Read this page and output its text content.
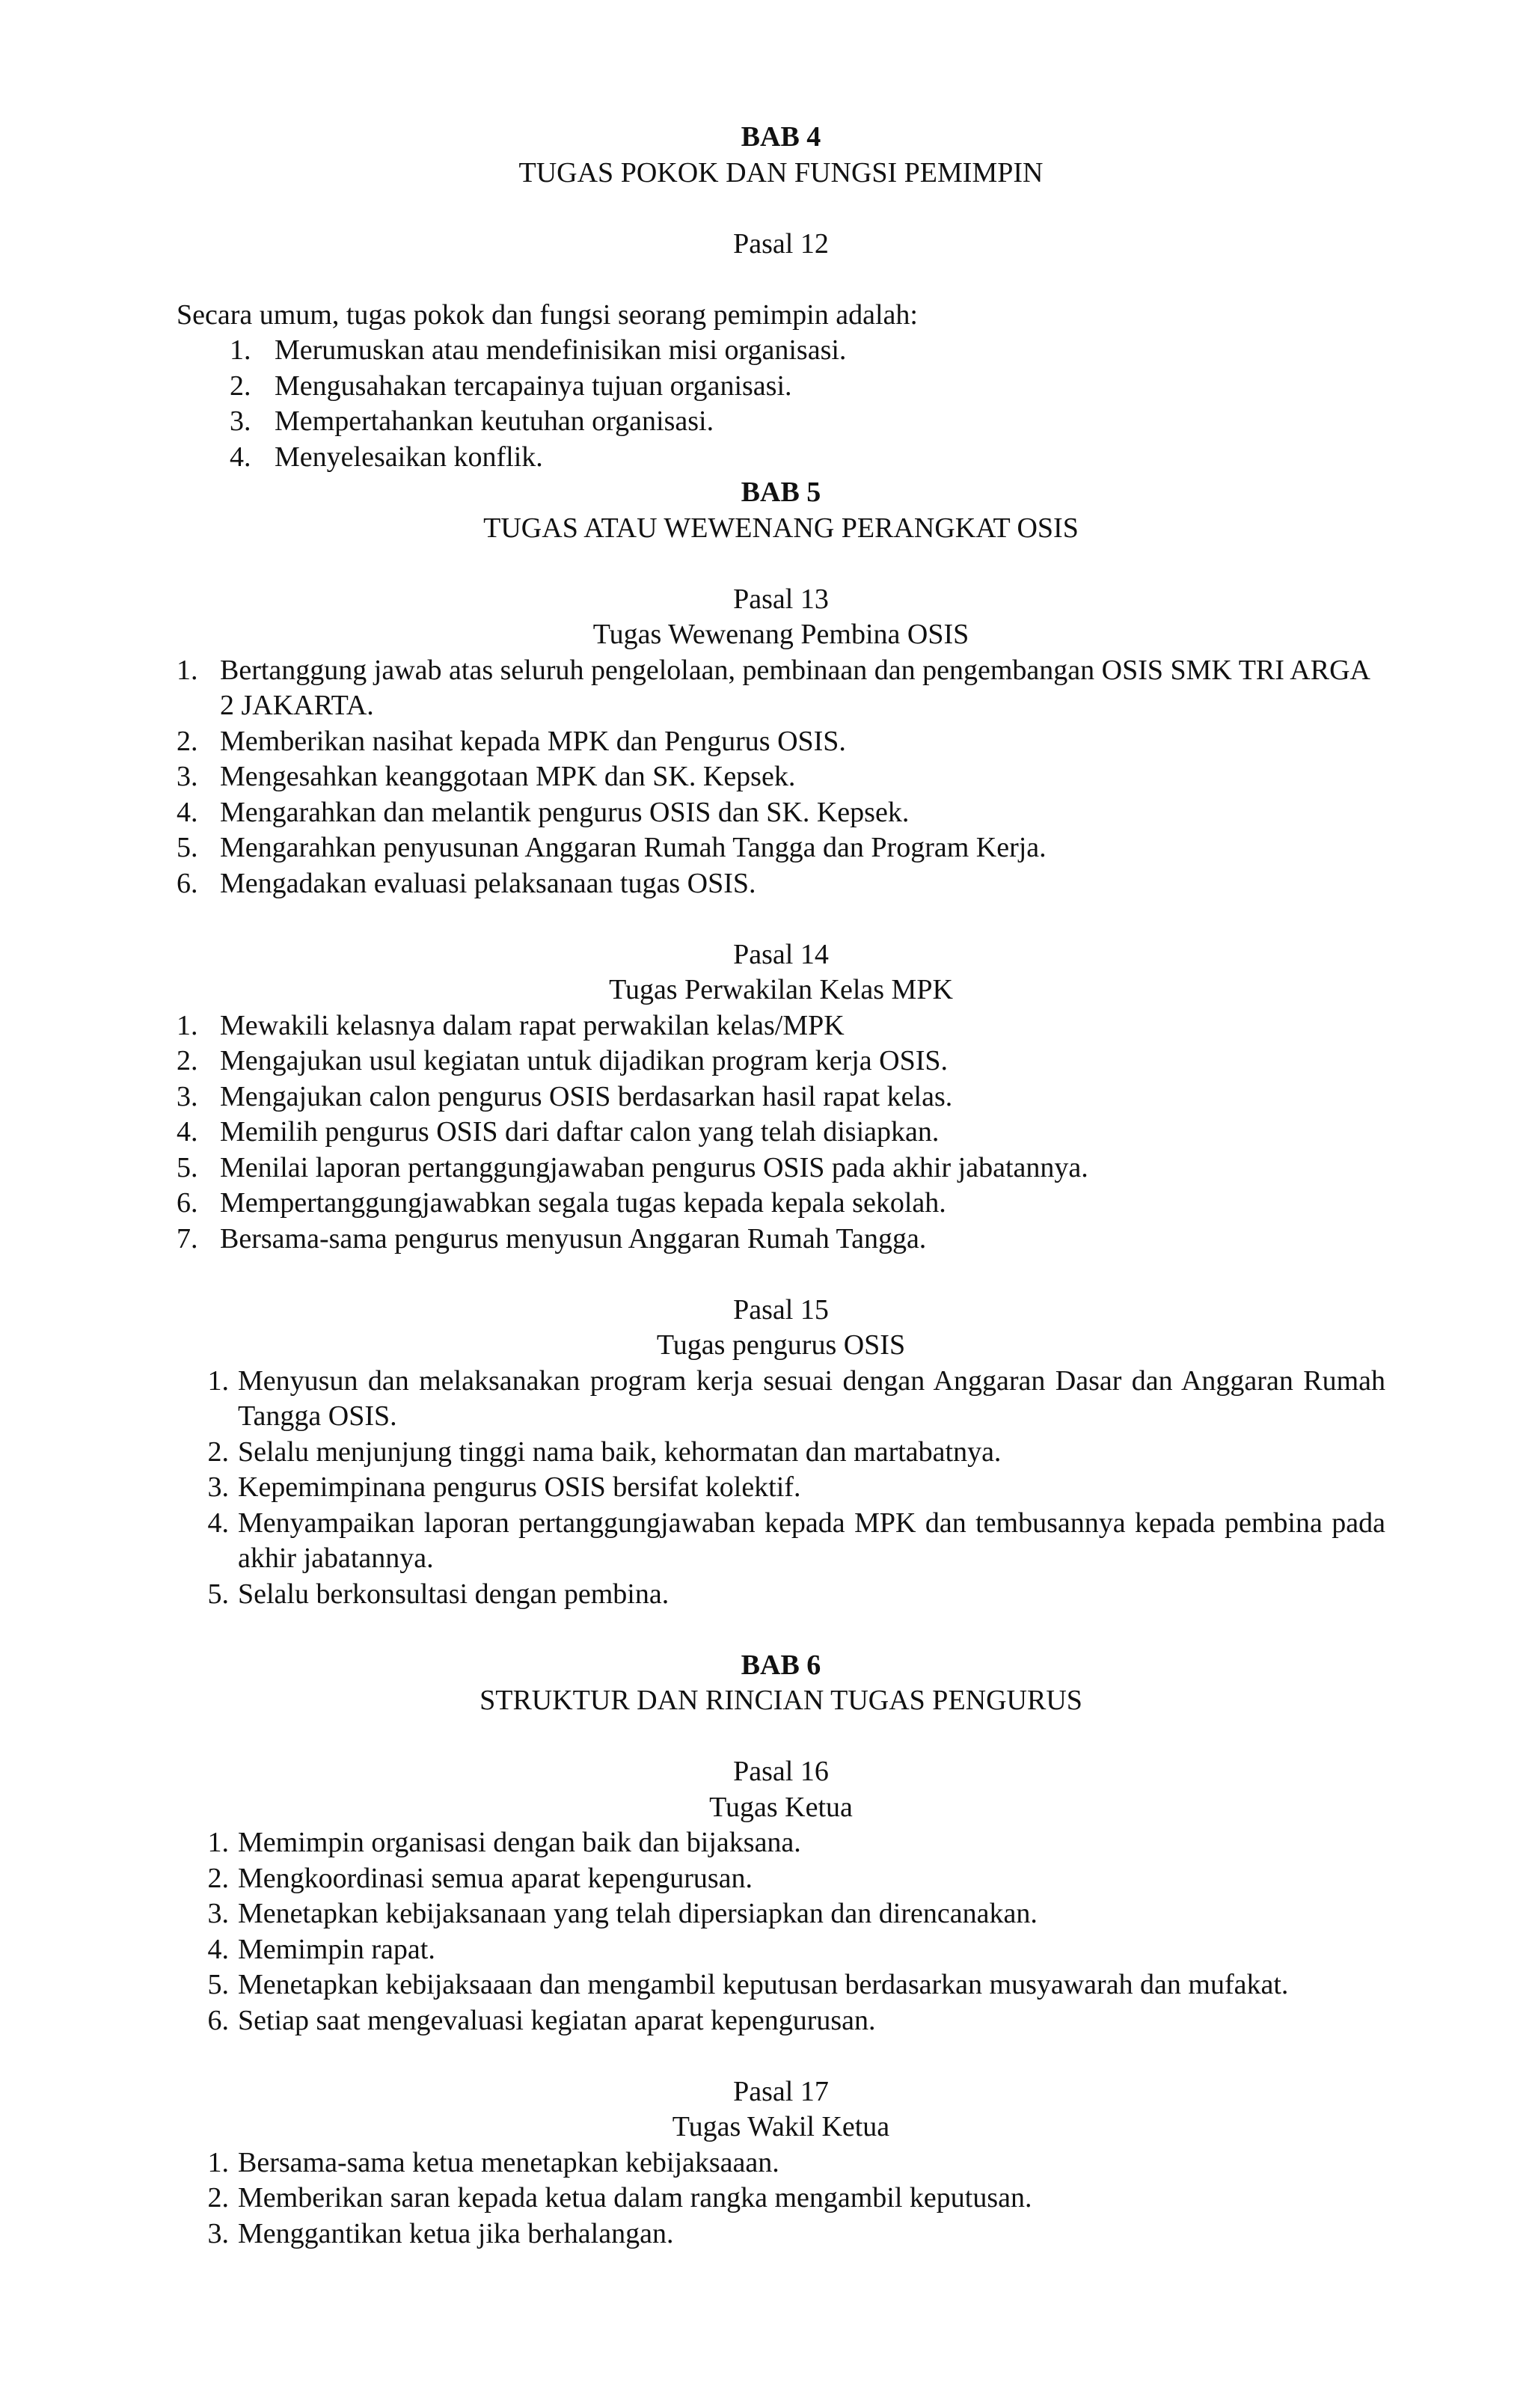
BAB 4
TUGAS POKOK DAN FUNGSI PEMIMPIN
Pasal 12

Secara umum, tugas pokok dan fungsi seorang pemimpin adalah:

1. Merumuskan atau mendefinisikan misi organisasi.
2. Mengusahakan tercapainya tujuan organisasi.
3. Mempertahankan keutuhan organisasi.
4. Menyelesaikan konflik.
BAB 5
TUGAS ATAU WEWENANG PERANGKAT OSIS
Pasal 13
Tugas Wewenang Pembina OSIS
1. Bertanggung jawab atas seluruh pengelolaan, pembinaan dan pengembangan OSIS SMK TRI ARGA 2 JAKARTA.
2. Memberikan nasihat kepada MPK dan Pengurus OSIS.
3. Mengesahkan keanggotaan MPK dan SK. Kepsek.
4. Mengarahkan dan melantik pengurus OSIS dan SK. Kepsek.
5. Mengarahkan penyusunan Anggaran Rumah Tangga dan Program Kerja.
6. Mengadakan evaluasi pelaksanaan tugas OSIS.
Pasal 14
Tugas Perwakilan Kelas MPK
1. Mewakili kelasnya dalam rapat perwakilan kelas/MPK
2. Mengajukan usul kegiatan untuk dijadikan program kerja OSIS.
3. Mengajukan calon pengurus OSIS berdasarkan hasil rapat kelas.
4. Memilih pengurus OSIS dari daftar calon yang telah disiapkan.
5. Menilai laporan pertanggungjawaban pengurus OSIS pada akhir jabatannya.
6. Mempertanggungjawabkan segala tugas kepada kepala sekolah.
7. Bersama-sama pengurus menyusun Anggaran Rumah Tangga.
Pasal 15
Tugas pengurus OSIS
1. Menyusun dan melaksanakan program kerja sesuai dengan Anggaran Dasar dan Anggaran Rumah Tangga OSIS.
2. Selalu menjunjung tinggi nama baik, kehormatan dan martabatnya.
3. Kepemimpinana pengurus OSIS bersifat kolektif.
4. Menyampaikan laporan pertanggungjawaban kepada MPK dan tembusannya kepada pembina pada akhir jabatannya.
5. Selalu berkonsultasi dengan pembina.
BAB 6
STRUKTUR DAN RINCIAN TUGAS PENGURUS
Pasal 16
Tugas Ketua
1. Memimpin organisasi dengan baik dan bijaksana.
2. Mengkoordinasi semua aparat kepengurusan.
3. Menetapkan kebijaksanaan yang telah dipersiapkan dan direncanakan.
4. Memimpin rapat.
5. Menetapkan kebijaksaaan dan mengambil keputusan berdasarkan musyawarah dan mufakat.
6. Setiap saat mengevaluasi kegiatan aparat kepengurusan.
Pasal 17
Tugas Wakil Ketua
1. Bersama-sama ketua menetapkan kebijaksaaan.
2. Memberikan saran kepada ketua dalam rangka mengambil keputusan.
3. Menggantikan ketua jika berhalangan.
